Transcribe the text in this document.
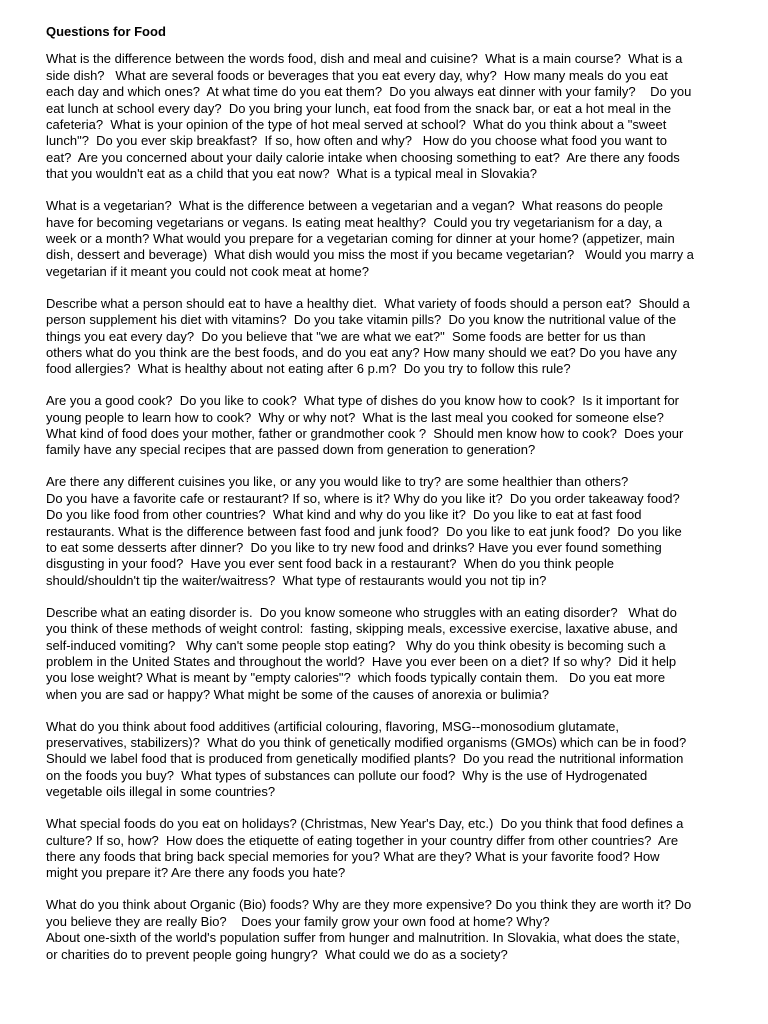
Questions for Food
What is the difference between the words food, dish and meal and cuisine?  What is a main course?  What is a
side dish?   What are several foods or beverages that you eat every day, why?  How many meals do you eat
each day and which ones?  At what time do you eat them?  Do you always eat dinner with your family?    Do you
eat lunch at school every day?  Do you bring your lunch, eat food from the snack bar, or eat a hot meal in the
cafeteria?  What is your opinion of the type of hot meal served at school?  What do you think about a "sweet
lunch"?  Do you ever skip breakfast?  If so, how often and why?   How do you choose what food you want to
eat?  Are you concerned about your daily calorie intake when choosing something to eat?  Are there any foods
that you wouldn't eat as a child that you eat now?  What is a typical meal in Slovakia?
What is a vegetarian?  What is the difference between a vegetarian and a vegan?  What reasons do people
have for becoming vegetarians or vegans. Is eating meat healthy?  Could you try vegetarianism for a day, a
week or a month? What would you prepare for a vegetarian coming for dinner at your home? (appetizer, main
dish, dessert and beverage)  What dish would you miss the most if you became vegetarian?   Would you marry a
vegetarian if it meant you could not cook meat at home?
Describe what a person should eat to have a healthy diet.  What variety of foods should a person eat?  Should a
person supplement his diet with vitamins?  Do you take vitamin pills?  Do you know the nutritional value of the
things you eat every day?  Do you believe that "we are what we eat?"  Some foods are better for us than
others what do you think are the best foods, and do you eat any? How many should we eat? Do you have any
food allergies?  What is healthy about not eating after 6 p.m?  Do you try to follow this rule?
Are you a good cook?  Do you like to cook?  What type of dishes do you know how to cook?  Is it important for
young people to learn how to cook?  Why or why not?  What is the last meal you cooked for someone else?
What kind of food does your mother, father or grandmother cook ?  Should men know how to cook?  Does your
family have any special recipes that are passed down from generation to generation?
Are there any different cuisines you like, or any you would like to try? are some healthier than others?
Do you have a favorite cafe or restaurant? If so, where is it? Why do you like it?  Do you order takeaway food?
Do you like food from other countries?  What kind and why do you like it?  Do you like to eat at fast food
restaurants. What is the difference between fast food and junk food?  Do you like to eat junk food?  Do you like
to eat some desserts after dinner?  Do you like to try new food and drinks? Have you ever found something
disgusting in your food?  Have you ever sent food back in a restaurant?  When do you think people
should/shouldn't tip the waiter/waitress?  What type of restaurants would you not tip in?
Describe what an eating disorder is.  Do you know someone who struggles with an eating disorder?   What do
you think of these methods of weight control:  fasting, skipping meals, excessive exercise, laxative abuse, and
self-induced vomiting?   Why can't some people stop eating?   Why do you think obesity is becoming such a
problem in the United States and throughout the world?  Have you ever been on a diet? If so why?  Did it help
you lose weight? What is meant by "empty calories"?  which foods typically contain them.   Do you eat more
when you are sad or happy? What might be some of the causes of anorexia or bulimia?
What do you think about food additives (artificial colouring, flavoring, MSG--monosodium glutamate,
preservatives, stabilizers)?  What do you think of genetically modified organisms (GMOs) which can be in food?
Should we label food that is produced from genetically modified plants?  Do you read the nutritional information
on the foods you buy?  What types of substances can pollute our food?  Why is the use of Hydrogenated
vegetable oils illegal in some countries?
What special foods do you eat on holidays? (Christmas, New Year's Day, etc.)  Do you think that food defines a
culture? If so, how?  How does the etiquette of eating together in your country differ from other countries?  Are
there any foods that bring back special memories for you? What are they? What is your favorite food? How
might you prepare it? Are there any foods you hate?
What do you think about Organic (Bio) foods? Why are they more expensive? Do you think they are worth it? Do
you believe they are really Bio?    Does your family grow your own food at home? Why?
About one-sixth of the world's population suffer from hunger and malnutrition. In Slovakia, what does the state,
or charities do to prevent people going hungry?  What could we do as a society?
